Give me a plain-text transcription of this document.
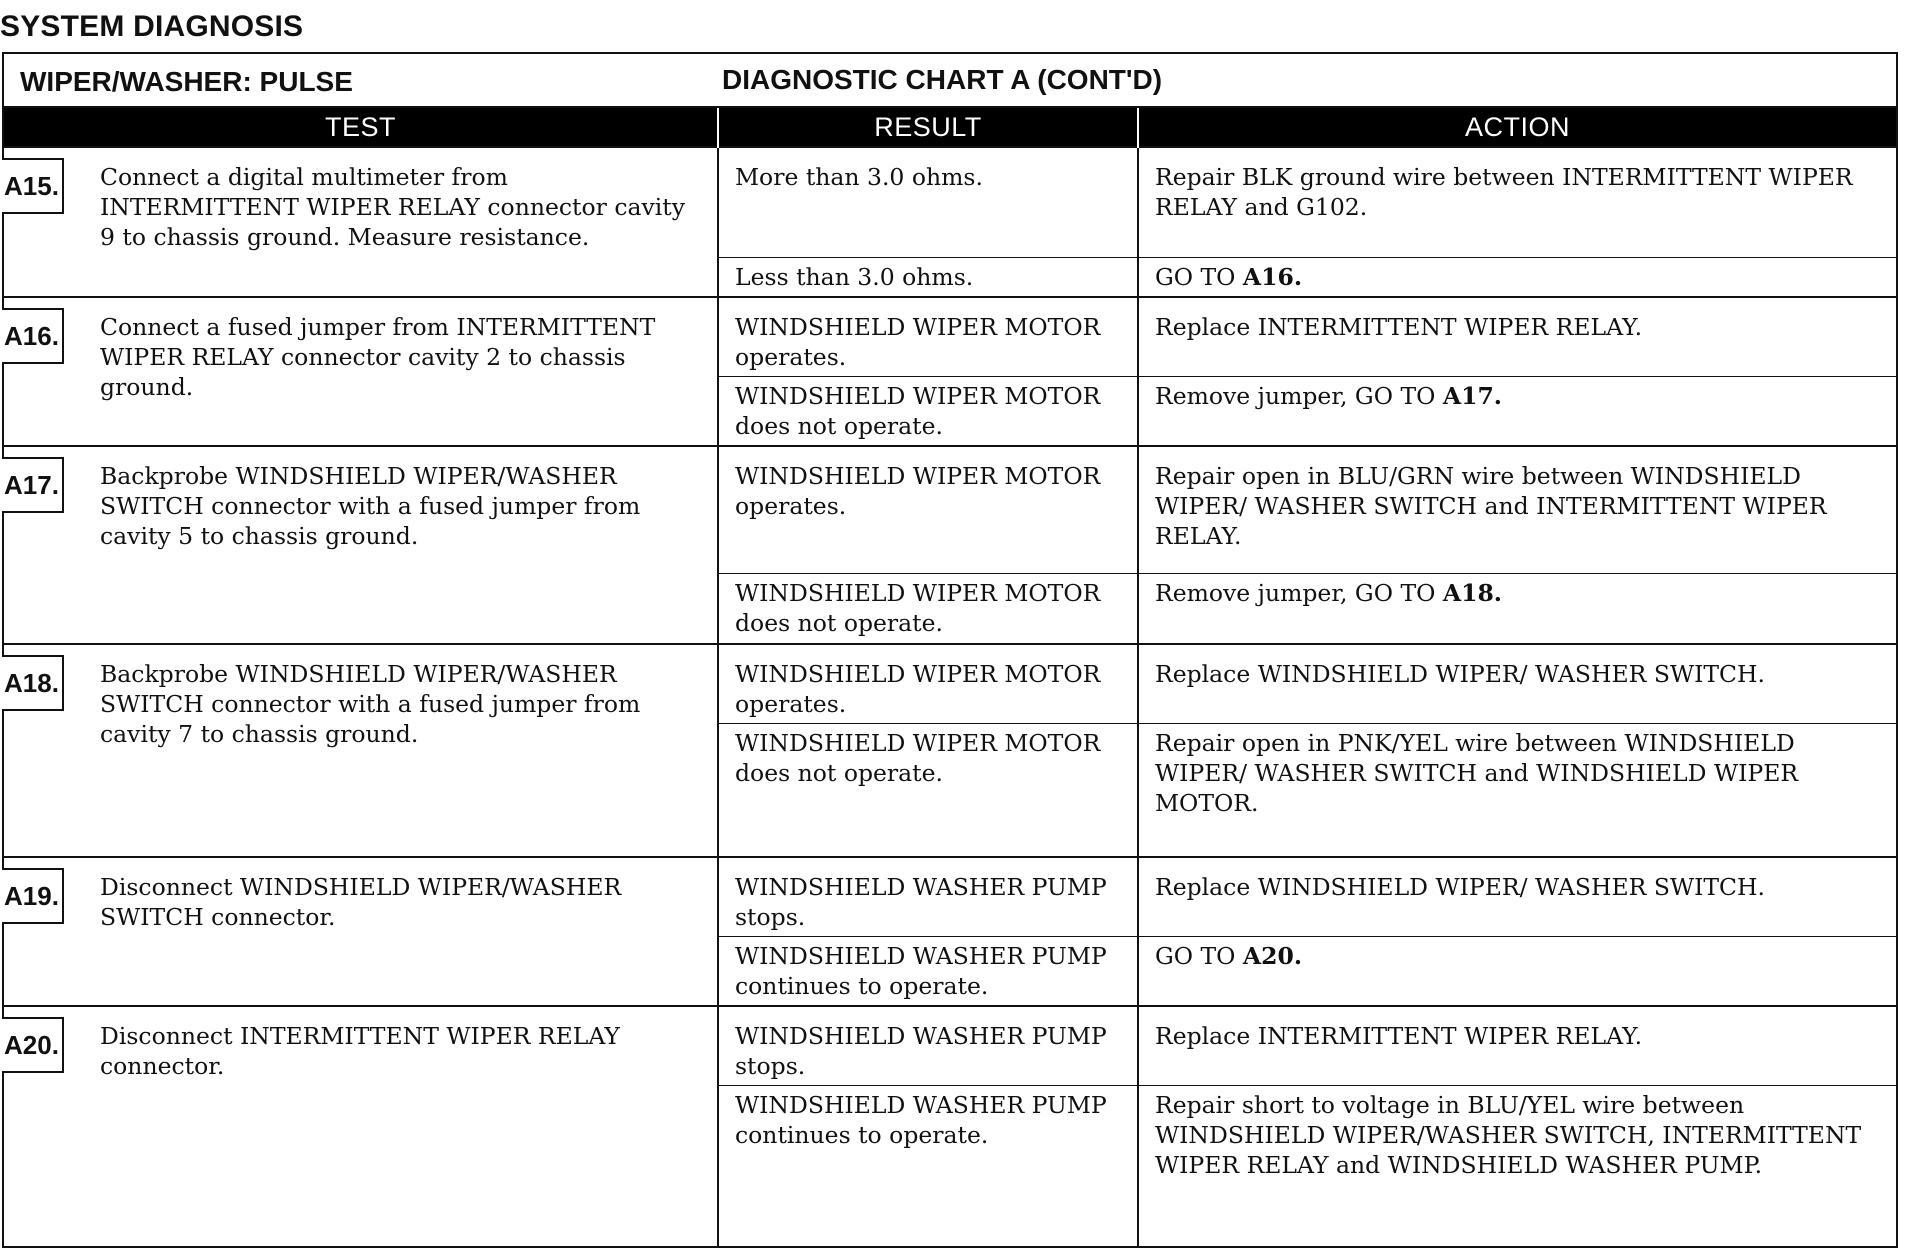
SYSTEM DIAGNOSIS
WIPER/WASHER: PULSE	DIAGNOSTIC CHART A (CONT'D)
TEST	RESULT	ACTION

A15. Connect a digital multimeter from INTERMITTENT WIPER RELAY connector cavity 9 to chassis ground. Measure resistance.	More than 3.0 ohms.	Repair BLK ground wire between INTERMITTENT WIPER RELAY and G102.
	Less than 3.0 ohms.	GO TO A16.

A16. Connect a fused jumper from INTERMITTENT WIPER RELAY connector cavity 2 to chassis ground.	WINDSHIELD WIPER MOTOR operates.	Replace INTERMITTENT WIPER RELAY.
	WINDSHIELD WIPER MOTOR does not operate.	Remove jumper, GO TO A17.

A17. Backprobe WINDSHIELD WIPER/WASHER SWITCH connector with a fused jumper from cavity 5 to chassis ground.	WINDSHIELD WIPER MOTOR operates.	Repair open in BLU/GRN wire between WINDSHIELD WIPER/ WASHER SWITCH and INTERMITTENT WIPER RELAY.
	WINDSHIELD WIPER MOTOR does not operate.	Remove jumper, GO TO A18.

A18. Backprobe WINDSHIELD WIPER/WASHER SWITCH connector with a fused jumper from cavity 7 to chassis ground.	WINDSHIELD WIPER MOTOR operates.	Replace WINDSHIELD WIPER/ WASHER SWITCH.
	WINDSHIELD WIPER MOTOR does not operate.	Repair open in PNK/YEL wire between WINDSHIELD WIPER/ WASHER SWITCH and WINDSHIELD WIPER MOTOR.

A19. Disconnect WINDSHIELD WIPER/WASHER SWITCH connector.	WINDSHIELD WASHER PUMP stops.	Replace WINDSHIELD WIPER/ WASHER SWITCH.
	WINDSHIELD WASHER PUMP continues to operate.	GO TO A20.

A20. Disconnect INTERMITTENT WIPER RELAY connector.	WINDSHIELD WASHER PUMP stops.	Replace INTERMITTENT WIPER RELAY.
	WINDSHIELD WASHER PUMP continues to operate.	Repair short to voltage in BLU/YEL wire between WINDSHIELD WIPER/WASHER SWITCH, INTERMITTENT WIPER RELAY and WINDSHIELD WASHER PUMP.
